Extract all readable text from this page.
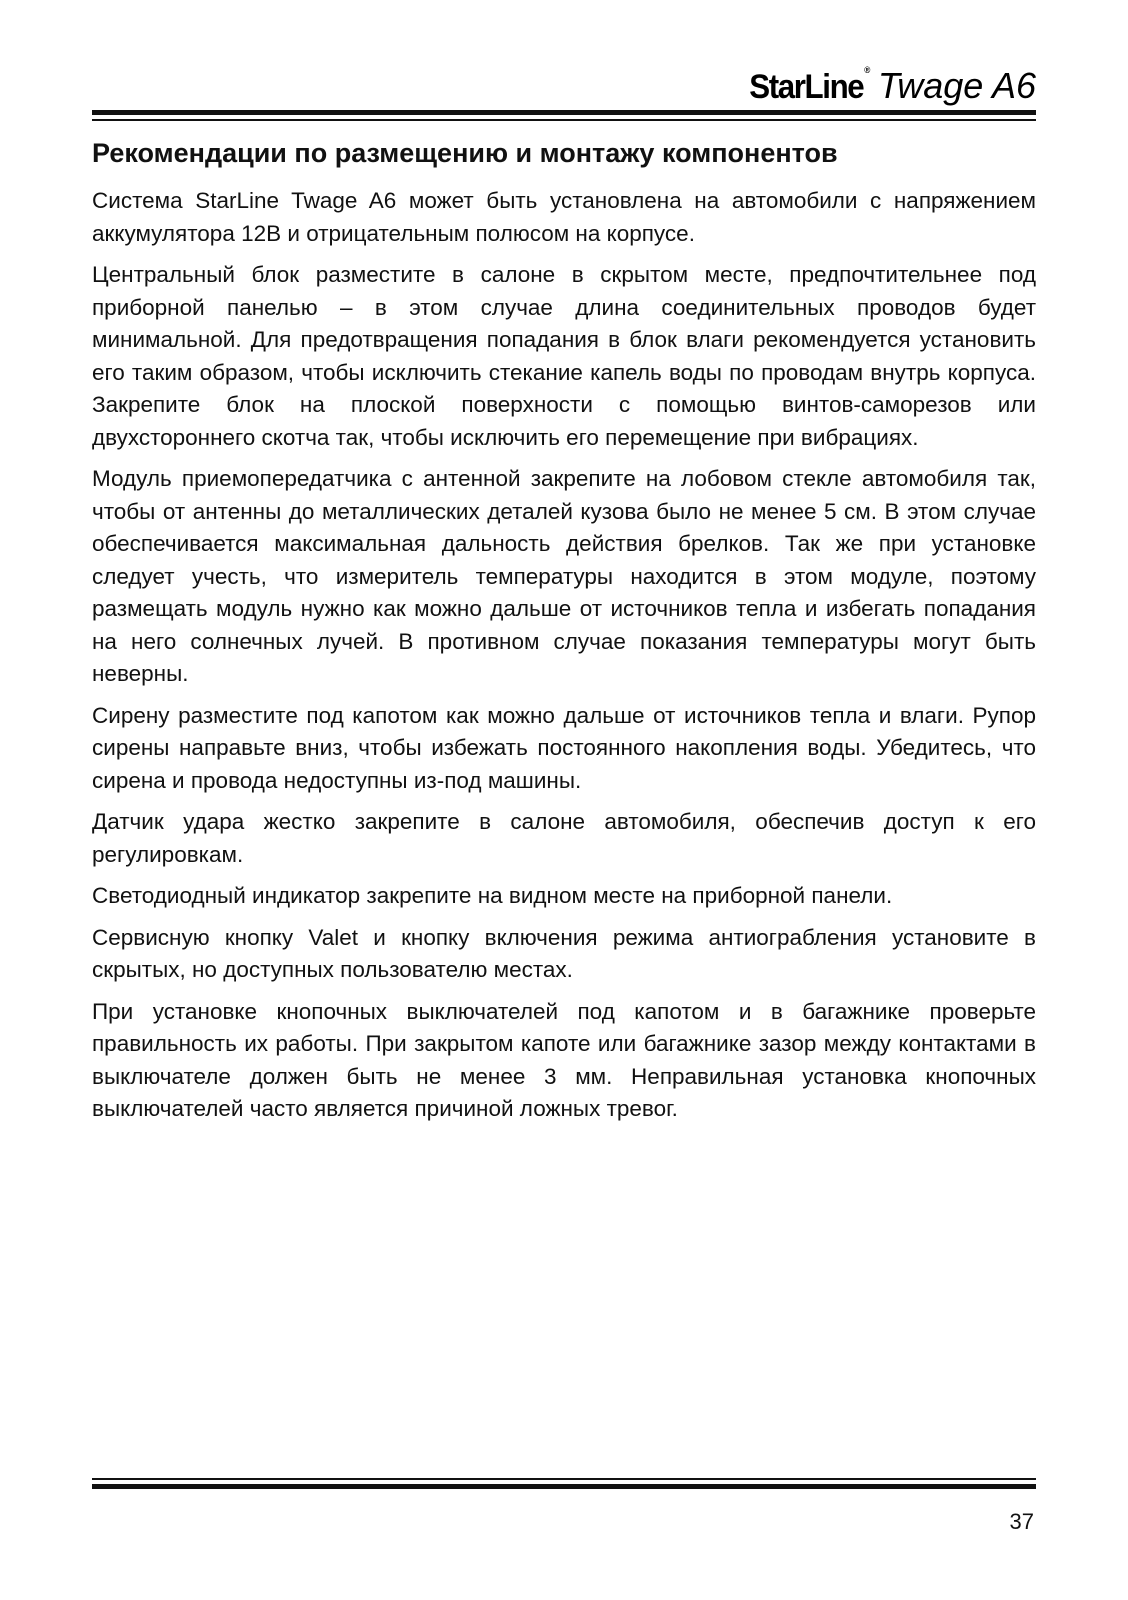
StarLine® Twage A6
Рекомендации по размещению и монтажу компонентов

Система StarLine Twage A6 может быть установлена на автомобили с напряжением аккумулятора 12В и отрицательным полюсом на корпусе.

Центральный блок разместите в салоне в скрытом месте, предпочтительнее под приборной панелью – в этом случае длина соединительных проводов будет минимальной. Для предотвращения попадания в блок влаги рекомендуется установить его таким образом, чтобы исключить стекание капель воды по проводам внутрь корпуса. Закрепите блок на плоской поверхности с помощью винтов-саморезов или двухстороннего скотча так, чтобы исключить его перемещение при вибрациях.

Модуль приемопередатчика с антенной закрепите на лобовом стекле автомобиля так, чтобы от антенны до металлических деталей кузова было не менее 5 см. В этом случае обеспечивается максимальная дальность действия брелков. Так же при установке следует учесть, что измеритель температуры находится в этом модуле, поэтому размещать модуль нужно как можно дальше от источников тепла и избегать попадания на него солнечных лучей. В противном случае показания температуры могут быть неверны.

Сирену разместите под капотом как можно дальше от источников тепла и влаги. Рупор сирены направьте вниз, чтобы избежать постоянного накопления воды. Убедитесь, что сирена и провода недоступны из-под машины.

Датчик удара жестко закрепите в салоне автомобиля, обеспечив доступ к его регулировкам.

Светодиодный индикатор закрепите на видном месте на приборной панели.

Сервисную кнопку Valet и кнопку включения режима антиограбления установите в скрытых, но доступных пользователю местах.

При установке кнопочных выключателей под капотом и в багажнике проверьте правильность их работы. При закрытом капоте или багажнике зазор между контактами в выключателе должен быть не менее 3 мм. Неправильная установка кнопочных выключателей часто является причиной ложных тревог.

37
